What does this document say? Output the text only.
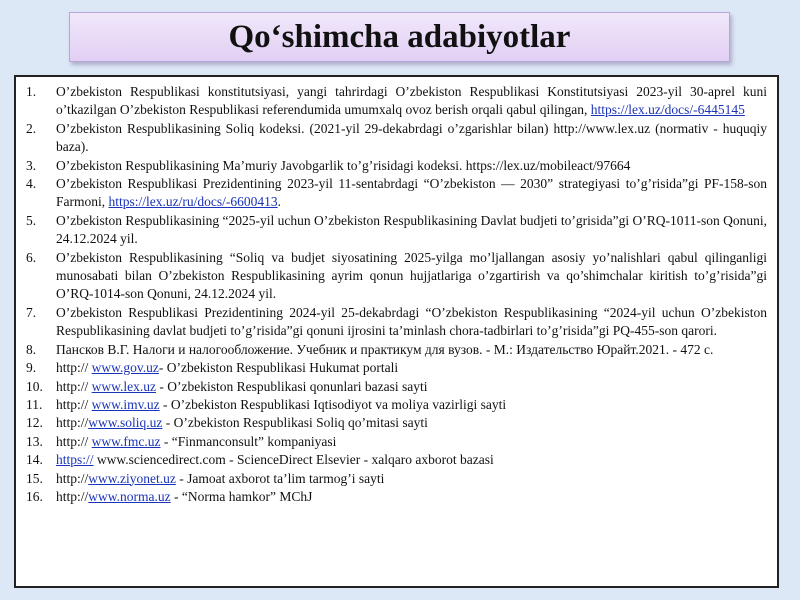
Qo‘shimcha adabiyotlar
1.	O’zbekiston Respublikasi konstitutsiyasi, yangi tahrirdagi O’zbekiston Respublikasi Konstitutsiyasi 2023-yil 30-aprel kuni o’tkazilgan O’zbekiston Respublikasi referendumida umumxalq ovoz berish orqali qabul qilingan, https://lex.uz/docs/-6445145
2.	O’zbekiston Respublikasining Soliq kodeksi. (2021-yil 29-dekabrdagi o’zgarishlar bilan) http://www.lex.uz (normativ - huquqiy baza).
3.	O’zbekiston Respublikasining Ma’muriy Javobgarlik to’g’risidagi kodeksi. https://lex.uz/mobileact/97664
4.	O’zbekiston Respublikasi Prezidentining 2023-yil 11-sentabrdagi “O’zbekiston — 2030” strategiyasi to’g’risida”gi PF-158-son Farmoni, https://lex.uz/ru/docs/-6600413.
5.	O’zbekiston Respublikasining “2025-yil uchun O’zbekiston Respublikasining Davlat budjeti to’grisida”gi O’RQ-1011-son Qonuni, 24.12.2024 yil.
6.	O’zbekiston Respublikasining “Soliq va budjet siyosatining 2025-yilga mo’ljallangan asosiy yo’nalishlari qabul qilinganligi munosabati bilan O’zbekiston Respublikasining ayrim qonun hujjatlariga o’zgartirish va qo’shimchalar kiritish to’g’risida”gi O’RQ-1014-son Qonuni, 24.12.2024 yil.
7.	O’zbekiston Respublikasi Prezidentining 2024-yil 25-dekabrdagi “O’zbekiston Respublikasining “2024-yil uchun O’zbekiston Respublikasining davlat budjeti to’g’risida”gi qonuni ijrosini ta’minlash chora-tadbirlari to’g’risida”gi PQ-455-son qarori.
8.	Пансков В.Г. Налоги и налогообложение. Учебник и практикум для вузов. - М.: Издательство Юрайт.2021. - 472 с.
9.	http:// www.gov.uz- O’zbekiston Respublikasi Hukumat portali
10. http:// www.lex.uz - O’zbekiston Respublikasi qonunlari bazasi sayti
11.	http:// www.imv.uz - O’zbekiston Respublikasi Iqtisodiyot va moliya vazirligi sayti
12. http://www.soliq.uz - O’zbekiston Respublikasi Soliq qo’mitasi sayti
13. http:// www.fmc.uz - “Finmanconsult” kompaniyasi
14. https:// www.sciencedirect.com - ScienceDirect Elsevier - xalqaro axborot bazasi
15. http://www.ziyonet.uz - Jamoat axborot ta’lim tarmog’i sayti
16. http://www.norma.uz - “Norma hamkor” MChJ
